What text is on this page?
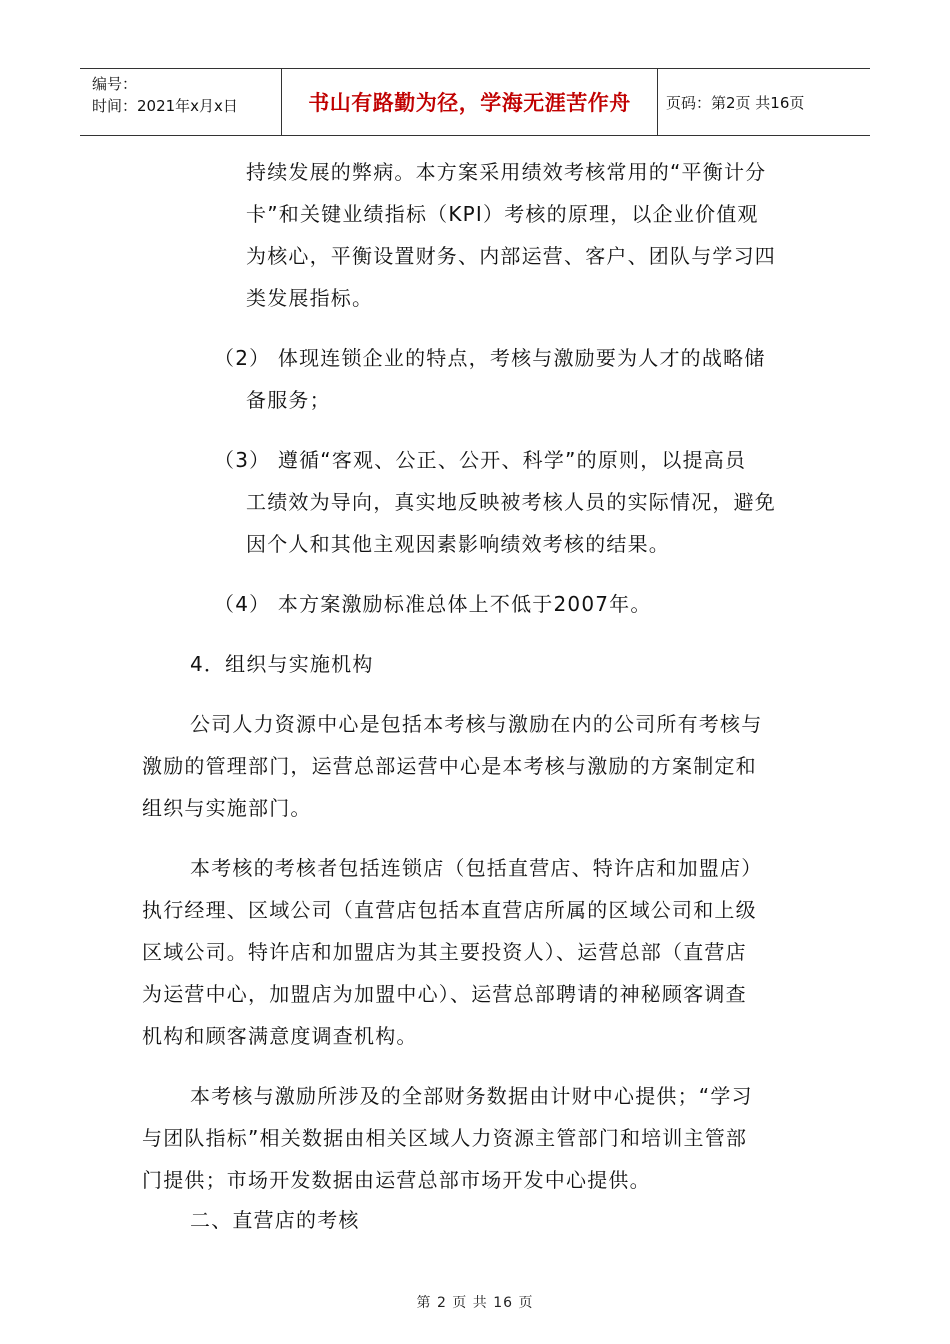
编号：
时间：2021年x月x日	书山有路勤为径，学海无涯苦作舟	页码：第2页 共16页
持续发展的弊病。本方案采用绩效考核常用的“平衡计分
卡”和关键业绩指标（KPI）考核的原理，以企业价值观
为核心，平衡设置财务、内部运营、客户、团队与学习四
类发展指标。
（2） 体现连锁企业的特点，考核与激励要为人才的战略储
备服务；
（3） 遵循“客观、公正、公开、科学”的原则，以提高员
工绩效为导向，真实地反映被考核人员的实际情况，避免
因个人和其他主观因素影响绩效考核的结果。
（4） 本方案激励标准总体上不低于2007年。
4．组织与实施机构
公司人力资源中心是包括本考核与激励在内的公司所有考核与
激励的管理部门，运营总部运营中心是本考核与激励的方案制定和
组织与实施部门。
本考核的考核者包括连锁店（包括直营店、特许店和加盟店）
执行经理、区域公司（直营店包括本直营店所属的区域公司和上级
区域公司。特许店和加盟店为其主要投资人）、运营总部（直营店
为运营中心，加盟店为加盟中心）、运营总部聘请的神秘顾客调查
机构和顾客满意度调查机构。
本考核与激励所涉及的全部财务数据由计财中心提供；“学习
与团队指标”相关数据由相关区域人力资源主管部门和培训主管部
门提供；市场开发数据由运营总部市场开发中心提供。
二、直营店的考核
第 2 页 共 16 页
